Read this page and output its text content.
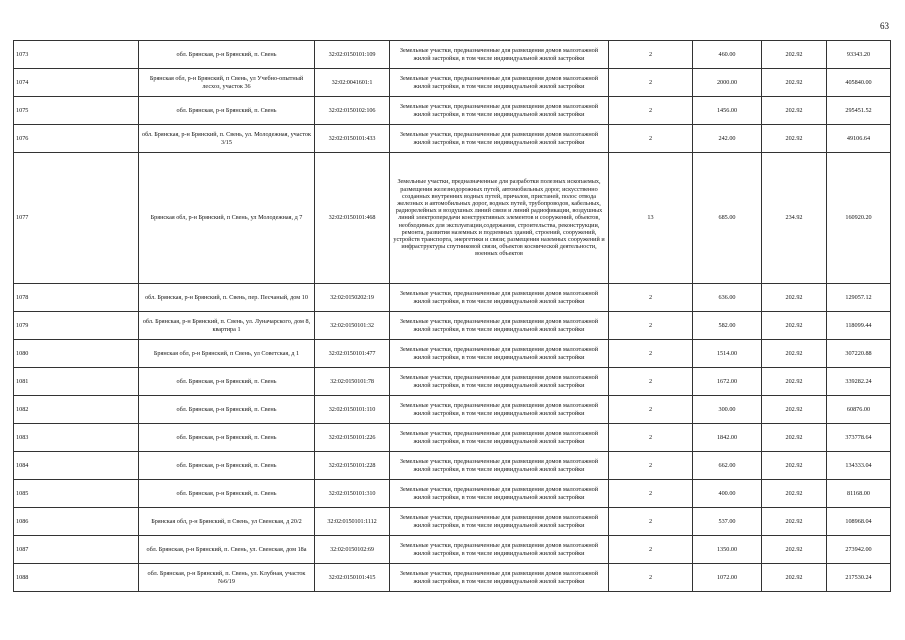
63
1073	обл. Брянская, р-н Брянский, п. Свень	32:02:0150101:109	Земельные участки, предназначенные для размещения домов малоэтажной жилой застройки, в том числе индивидуальной жилой застройки	2	460.00	202.92	93343.20
1074	Брянская обл, р-н Брянский, п Свень, ул Учебно-опытный лесхоз, участок 36	32:02:0041601:1	Земельные участки, предназначенные для размещения домов малоэтажной жилой застройки, в том числе индивидуальной жилой застройки	2	2000.00	202.92	405840.00
1075	обл. Брянская, р-н Брянский, п. Свень	32:02:0150102:106	Земельные участки, предназначенные для размещения домов малоэтажной жилой застройки, в том числе индивидуальной жилой застройки	2	1456.00	202.92	295451.52
1076	обл. Брянская, р-н Брянский, п. Свень, ул. Молодежная, участок 3/15	32:02:0150101:433	Земельные участки, предназначенные для размещения домов малоэтажной жилой застройки, в том числе индивидуальной жилой застройки	2	242.00	202.92	49106.64
1077	Брянская обл, р-н Брянский, п Свень, ул Молодежная, д 7	32:02:0150101:468	Земельные участки, предназначенные для разработки полезных ископаемых, размещения железнодорожных путей, автомобильных дорог, искусственно созданных внутренних водных путей, причалов, пристаней, полос отвода железных и автомобильных дорог, водных путей, трубопроводов, кабельных, радиорелейных и воздушных линий связи и линий радиофикации, воздушных линий электропередачи конструктивных элементов и сооружений, объектов, необходимых для эксплуатации,содержания, строительства, реконструкции, ремонта, развития наземных и подземных зданий, строений, сооружений, устройств транспорта, энергетики и связи; размещения наземных сооружений и инфраструктуры спутниковой связи, объектов космической деятельности, военных объектов	13	685.00	234.92	160920.20
1078	обл. Брянская, р-н Брянский, п. Свень, пер. Песчаный, дом 10	32:02:0150202:19	Земельные участки, предназначенные для размещения домов малоэтажной жилой застройки, в том числе индивидуальной жилой застройки	2	636.00	202.92	129057.12
1079	обл. Брянская, р-н Брянский, п. Свень, ул. Луначарского, дом 8, квартира 1	32:02:0150101:32	Земельные участки, предназначенные для размещения домов малоэтажной жилой застройки, в том числе индивидуальной жилой застройки	2	582.00	202.92	118099.44
1080	Брянская обл, р-н Брянский, п Свень, ул Советская, д 1	32:02:0150101:477	Земельные участки, предназначенные для размещения домов малоэтажной жилой застройки, в том числе индивидуальной жилой застройки	2	1514.00	202.92	307220.88
1081	обл. Брянская, р-н Брянский, п. Свень	32:02:0150101:78	Земельные участки, предназначенные для размещения домов малоэтажной жилой застройки, в том числе индивидуальной жилой застройки	2	1672.00	202.92	339282.24
1082	обл. Брянская, р-н Брянский, п. Свень	32:02:0150101:110	Земельные участки, предназначенные для размещения домов малоэтажной жилой застройки, в том числе индивидуальной жилой застройки	2	300.00	202.92	60876.00
1083	обл. Брянская, р-н Брянский, п. Свень	32:02:0150101:226	Земельные участки, предназначенные для размещения домов малоэтажной жилой застройки, в том числе индивидуальной жилой застройки	2	1842.00	202.92	373778.64
1084	обл. Брянская, р-н Брянский, п. Свень	32:02:0150101:228	Земельные участки, предназначенные для размещения домов малоэтажной жилой застройки, в том числе индивидуальной жилой застройки	2	662.00	202.92	134333.04
1085	обл. Брянская, р-н Брянский, п. Свень	32:02:0150101:310	Земельные участки, предназначенные для размещения домов малоэтажной жилой застройки, в том числе индивидуальной жилой застройки	2	400.00	202.92	81168.00
1086	Брянская обл, р-н Брянский, п Свень, ул Свенская, д 20/2	32:02:0150101:1112	Земельные участки, предназначенные для размещения домов малоэтажной жилой застройки, в том числе индивидуальной жилой застройки	2	537.00	202.92	108968.04
1087	обл. Брянская, р-н Брянский, п. Свень, ул. Свенская, дом 18а	32:02:0150102:69	Земельные участки, предназначенные для размещения домов малоэтажной жилой застройки, в том числе индивидуальной жилой застройки	2	1350.00	202.92	273942.00
1088	обл. Брянская, р-н Брянский, п. Свень, ул. Клубная, участок №6/19	32:02:0150101:415	Земельные участки, предназначенные для размещения домов малоэтажной жилой застройки, в том числе индивидуальной жилой застройки	2	1072.00	202.92	217530.24
